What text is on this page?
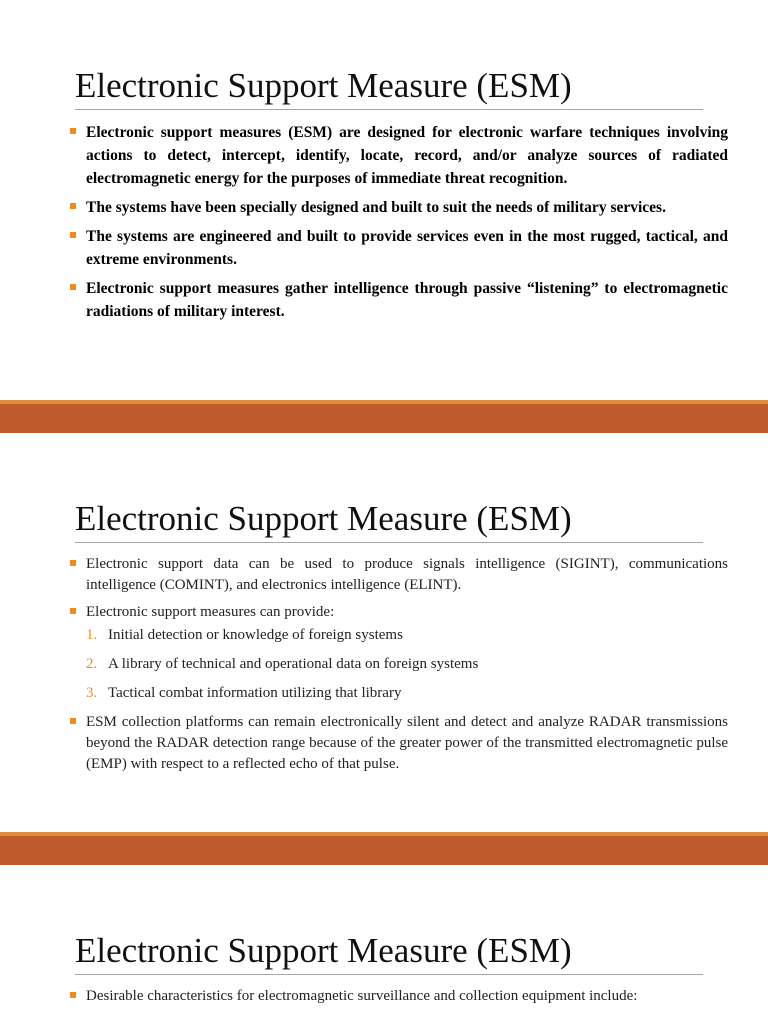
Electronic Support Measure (ESM)
Electronic support measures (ESM) are designed for electronic warfare techniques involving actions to detect, intercept, identify, locate, record, and/or analyze sources of radiated electromagnetic energy for the purposes of immediate threat recognition.
The systems have been specially designed and built to suit the needs of military services.
The systems are engineered and built to provide services even in the most rugged, tactical, and extreme environments.
Electronic support measures gather intelligence through passive “listening” to electromagnetic radiations of military interest.
Electronic Support Measure (ESM)
Electronic support data can be used to produce signals intelligence (SIGINT), communications intelligence (COMINT), and electronics intelligence (ELINT).
Electronic support measures can provide:
1. Initial detection or knowledge of foreign systems
2. A library of technical and operational data on foreign systems
3. Tactical combat information utilizing that library
ESM collection platforms can remain electronically silent and detect and analyze RADAR transmissions beyond the RADAR detection range because of the greater power of the transmitted electromagnetic pulse (EMP) with respect to a reflected echo of that pulse.
Electronic Support Measure (ESM)
Desirable characteristics for electromagnetic surveillance and collection equipment include:
